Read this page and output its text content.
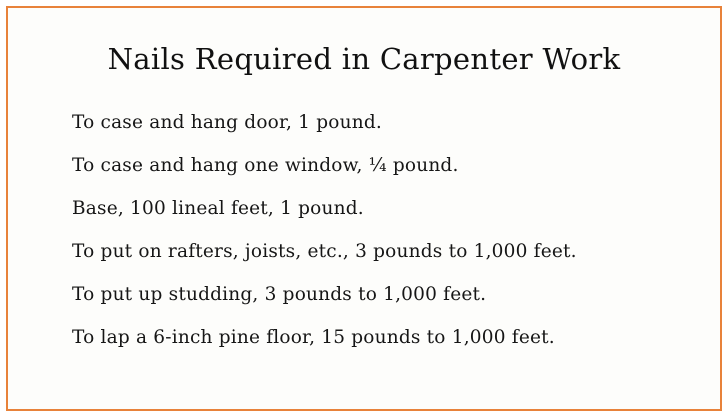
Nails Required in Carpenter Work
To case and hang door, 1 pound.
To case and hang one window, ¼ pound.
Base, 100 lineal feet, 1 pound.
To put on rafters, joists, etc., 3 pounds to 1,000 feet.
To put up studding, 3 pounds to 1,000 feet.
To lap a 6-inch pine floor, 15 pounds to 1,000 feet.
